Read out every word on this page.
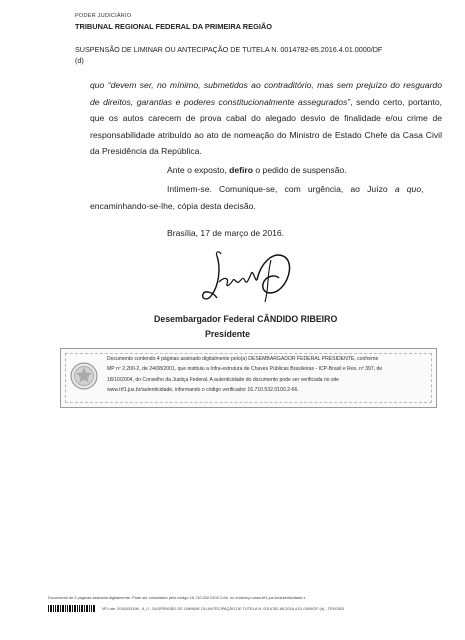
PODER JUDICIÁRIO
TRIBUNAL REGIONAL FEDERAL DA PRIMEIRA REGIÃO
SUSPENSÃO DE LIMINAR OU ANTECIPAÇÃO DE TUTELA N. 0014782-85.2016.4.01.0000/DF
(d)
quo “devem ser, no mínimo, submetidos ao contraditório, mas sem prejuízo do resguardo de direitos, garantias e poderes constitucionalmente assegurados”, sendo certo, portanto, que os autos carecem de prova cabal do alegado desvio de finalidade e/ou crime de responsabilidade atribuído ao ato de nomeação do Ministro de Estado Chefe da Casa Civil da Presidência da República.
Ante o exposto, defiro o pedido de suspensão.
Intimem-se.   Comunique-se,   com   urgência,   ao   Juízo   a   quo,
encaminhando-se-lhe, cópia desta decisão.
Brasília, 17 de março de 2016.
Desembargador Federal CÂNDIDO RIBEIRO
Presidente
Documento contendo 4 páginas assinado digitalmente pelo(a) DESEMBARGADOR FEDERAL PRESIDENTE, conforme
MP nº 2.200-2, de 24/08/2001, que instituiu a Infra-estrutura de Chaves Públicas Brasileiras - ICP-Brasil e Res. nº 397, de
18/10/2004, do Conselho da Justiça Federal. A autenticidade do documento pode ser verificada no site
www.trf1.jus.br/autenticidade, informando o código verificador 16.710.532.0100.2-66.
Documento de 4 páginas assinado digitalmente. Pode ser consultado pelo código 16.710.532.0100.2-66, no endereço www.trf1.jus.br/autenticidade.x
Nº Lote: 2016033198 - 6_0 - SUSPENSÃO DE LIMINAR OU ANTECIPAÇÃO DE TUTELA N. 0014782-85.2016.4.01.0000/DF (d) - TRS0303
